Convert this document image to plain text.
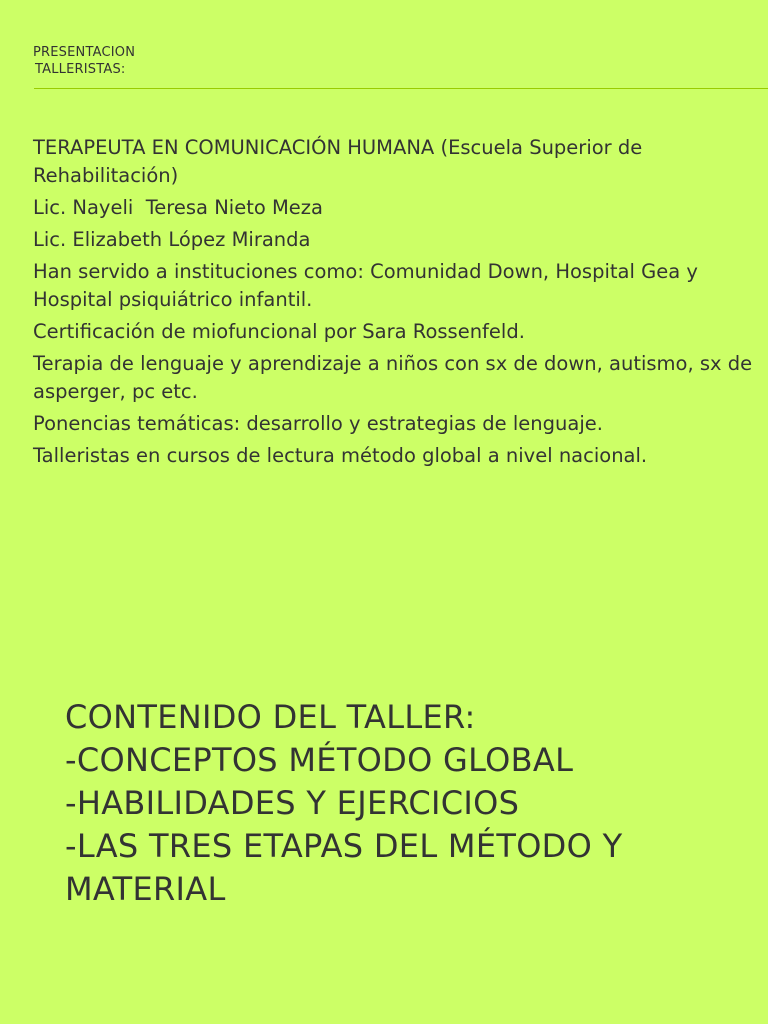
PRESENTACION
TALLERISTAS:
TERAPEUTA EN COMUNICACIÓN HUMANA (Escuela Superior de Rehabilitación)
Lic. Nayeli  Teresa Nieto Meza
Lic. Elizabeth López Miranda
Han servido a instituciones como: Comunidad Down, Hospital Gea y Hospital psiquiátrico infantil.
Certificación de miofuncional por Sara Rossenfeld.
Terapia de lenguaje y aprendizaje a niños con sx de down, autismo, sx de asperger, pc etc.
Ponencias temáticas: desarrollo y estrategias de lenguaje.
Talleristas en cursos de lectura método global a nivel nacional.
CONTENIDO DEL TALLER:
-CONCEPTOS MÉTODO GLOBAL
-HABILIDADES Y EJERCICIOS
-LAS TRES ETAPAS DEL MÉTODO Y MATERIAL
